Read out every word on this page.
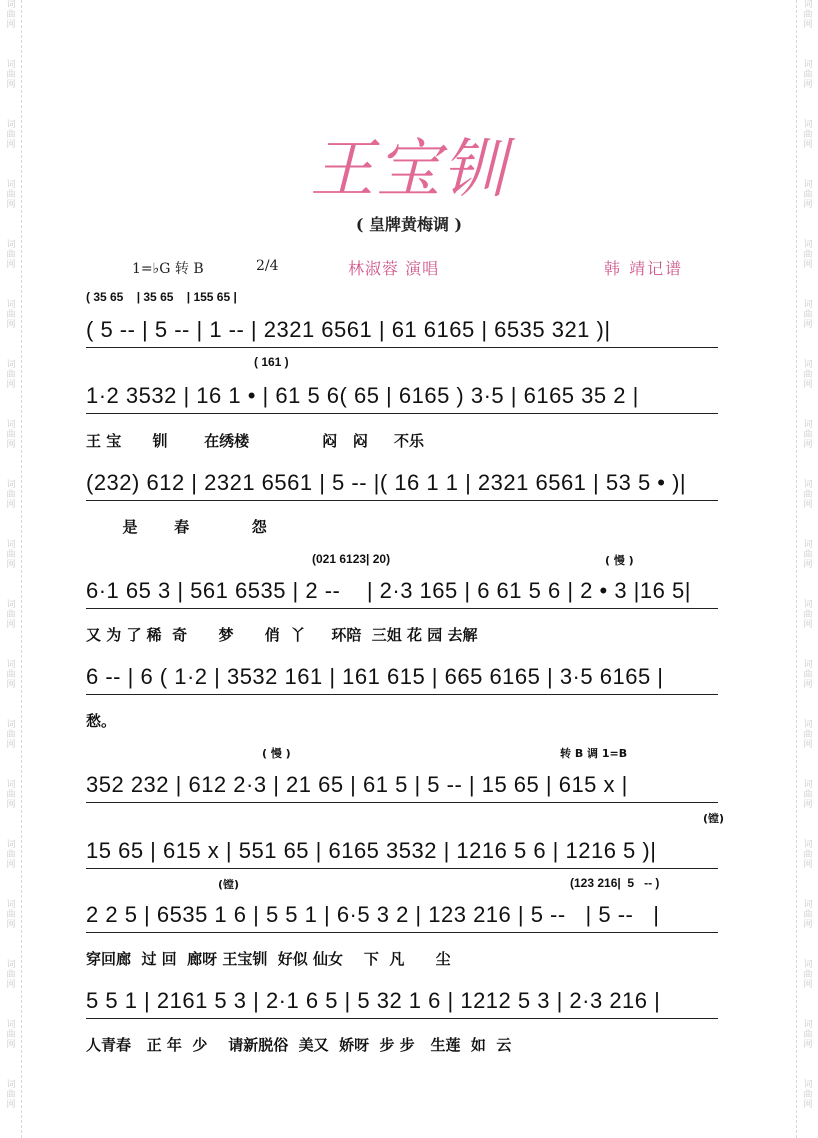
词
曲
网
词
曲
网
词
曲
网
词
曲
网
词
曲
网
词
曲
网
词
曲
网
词
曲
网
词
曲
网
词
曲
网
词
曲
网
词
曲
网
词
曲
网
词
曲
网
词
曲
网
词
曲
网
词
曲
网
词
曲
网
词
曲
网
词
曲
网
词
曲
网
词
曲
网
词
曲
网
词
曲
网
词
曲
网
词
曲
网
词
曲
网
词
曲
网
词
曲
网
词
曲
网
词
曲
网
词
曲
网
词
曲
网
词
曲
网
词
曲
网
词
曲
网
词
曲
网
词
曲
网
王宝钏
( 皇牌黄梅调 )
1=♭G 转 B	2/4	林淑蓉 演唱	韩 靖记谱
( 慢 )
( 慢 )	转 B 调 1=B
(镗)
(镗)
( 35 65    | 35 65    | 155 65 |
( 5 -- | 5 -- | 1 -- | 2321 6561 | 61 6165 | 6535 321 )|
( 161 )
1·2 3532 | 16 1 • | 61 5 6( 65 | 6165 ) 3·5 | 6165 35 2 |
王 宝      钏       在绣楼              闷   闷     不乐
(232) 612 | 2321 6561 | 5 -- |( 16 1 1 | 2321 6561 | 53 5 • )|
是       春            怨
(021 6123| 20)
6·1 65 3 | 561 6535 | 2 --    | 2·3 165 | 6 61 5 6 | 2 • 3 |16 5|
又 为 了 稀  奇      梦      俏  丫     环陪  三姐 花 园 去解
6 -- | 6 ( 1·2 | 3532 161 | 161 615 | 665 6165 | 3·5 6165 |
愁。
352 232 | 612 2·3 | 21 65 | 61 5 | 5 -- | 15 65 | 615 x |
15 65 | 615 x | 551 65 | 6165 3532 | 1216 5 6 | 1216 5 )|
(123 216|  5   -- )
2 2 5 | 6535 1 6 | 5 5 1 | 6·5 3 2 | 123 216 | 5 --   | 5 --   |
穿回廊  过 回  廊呀 王宝钏  好似 仙女    下  凡      尘
5 5 1 | 2161 5 3 | 2·1 6 5 | 5 32 1 6 | 1212 5 3 | 2·3 216 |
人青春   正 年  少    请新脱俗  美又  娇呀  步 步   生莲  如  云
